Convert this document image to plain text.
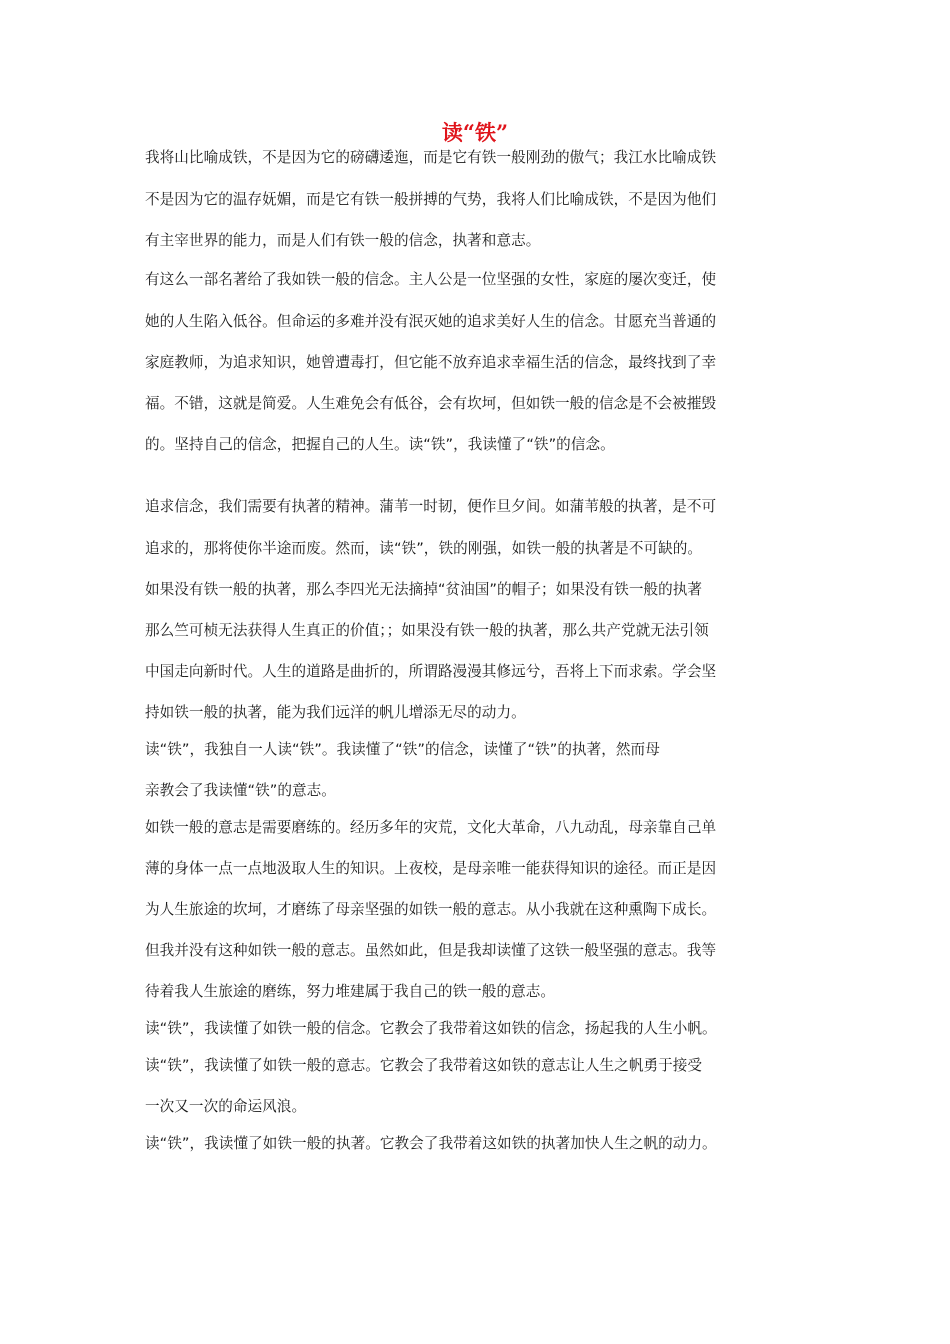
读“铁”
我将山比喻成铁，不是因为它的磅礴逶迤，而是它有铁一般刚劲的傲气；我江水比喻成铁
不是因为它的温存妩媚，而是它有铁一般拼搏的气势，我将人们比喻成铁，不是因为他们
有主宰世界的能力，而是人们有铁一般的信念，执著和意志。
有这么一部名著给了我如铁一般的信念。主人公是一位坚强的女性，家庭的屡次变迁，使
她的人生陷入低谷。但命运的多难并没有泯灭她的追求美好人生的信念。甘愿充当普通的
家庭教师，为追求知识，她曾遭毒打，但它能不放弃追求幸福生活的信念，最终找到了幸
福。不错，这就是简爱。人生难免会有低谷，会有坎坷，但如铁一般的信念是不会被摧毁
的。坚持自己的信念，把握自己的人生。读“铁”，我读懂了“铁”的信念。
追求信念，我们需要有执著的精神。蒲苇一时韧，便作旦夕间。如蒲苇般的执著，是不可
追求的，那将使你半途而废。然而，读“铁”，铁的刚强，如铁一般的执著是不可缺的。
如果没有铁一般的执著，那么李四光无法摘掉“贫油国”的帽子；如果没有铁一般的执著
那么竺可桢无法获得人生真正的价值；；如果没有铁一般的执著，那么共产党就无法引领
中国走向新时代。人生的道路是曲折的，所谓路漫漫其修远兮，吾将上下而求索。学会坚
持如铁一般的执著，能为我们远洋的帆儿增添无尽的动力。
读“铁”，我独自一人读“铁”。我读懂了“铁”的信念，读懂了“铁”的执著，然而母
亲教会了我读懂“铁”的意志。
如铁一般的意志是需要磨练的。经历多年的灾荒，文化大革命，八九动乱，母亲靠自己单
薄的身体一点一点地汲取人生的知识。上夜校，是母亲唯一能获得知识的途径。而正是因
为人生旅途的坎坷，才磨练了母亲坚强的如铁一般的意志。从小我就在这种熏陶下成长。
但我并没有这种如铁一般的意志。虽然如此，但是我却读懂了这铁一般坚强的意志。我等
待着我人生旅途的磨练，努力堆建属于我自己的铁一般的意志。
读“铁”，我读懂了如铁一般的信念。它教会了我带着这如铁的信念，扬起我的人生小帆。
读“铁”，我读懂了如铁一般的意志。它教会了我带着这如铁的意志让人生之帆勇于接受
一次又一次的命运风浪。
读“铁”，我读懂了如铁一般的执著。它教会了我带着这如铁的执著加快人生之帆的动力。
